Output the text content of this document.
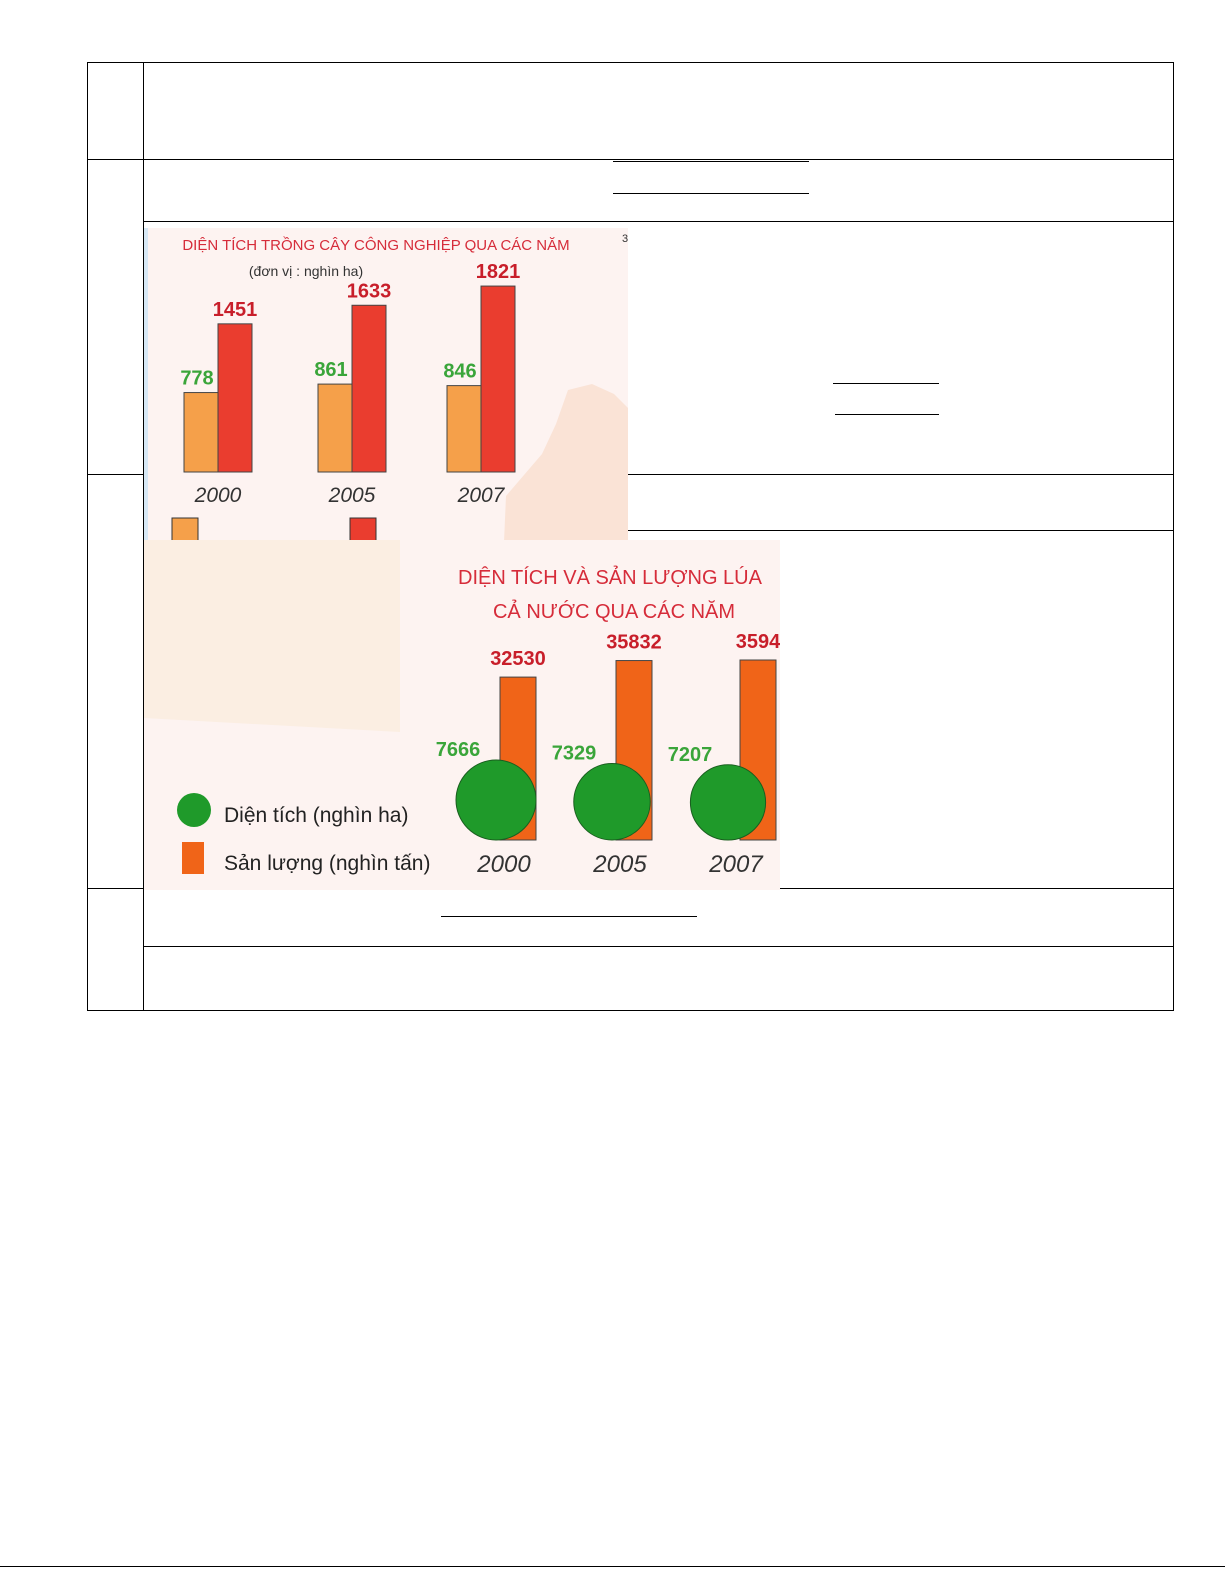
DIỆN TÍCH TRỒNG CÂY CÔNG NGHIỆP QUA CÁC NĂM	3
(đơn vị : nghìn ha)
778
1451
2000
861
1633
2005
846
1821
2007
DIỆN TÍCH VÀ SẢN LƯỢNG LÚA
CẢ NƯỚC QUA CÁC NĂM
32530
7666
2000
35832
7329
2005
3594
7207
2007
Diện tích (nghìn ha)
Sản lượng (nghìn tấn)
